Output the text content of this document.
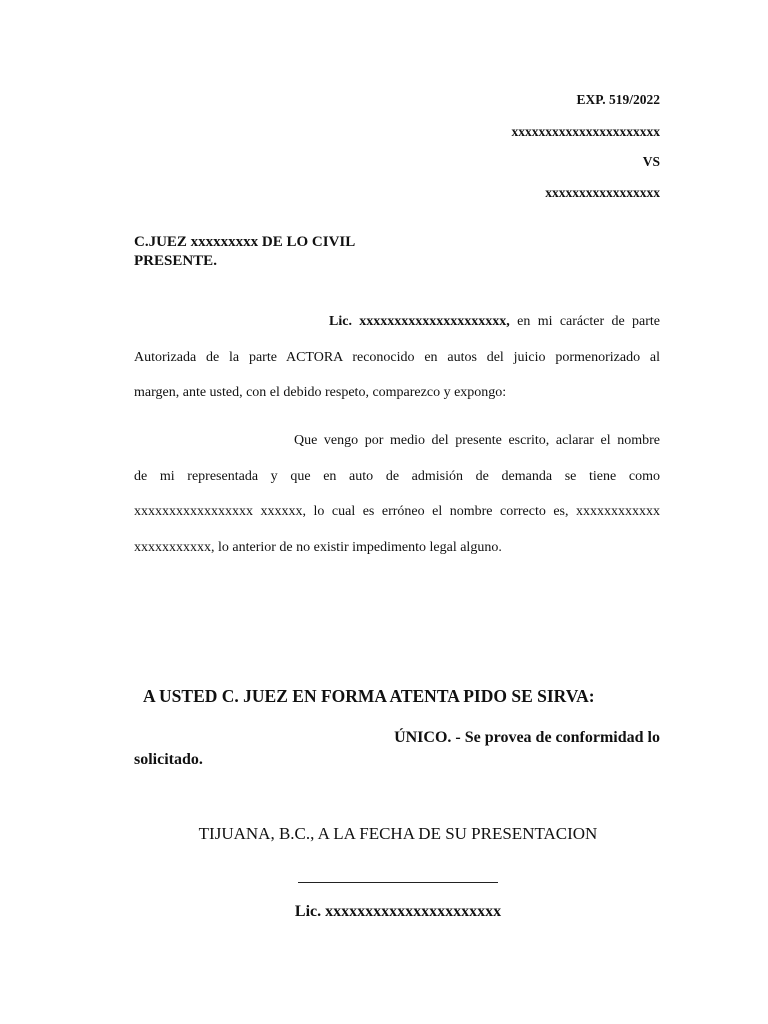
EXP. 519/2022

xxxxxxxxxxxxxxxxxxxxxx

VS

xxxxxxxxxxxxxxxxx

C.JUEZ xxxxxxxxx DE LO CIVIL
PRESENTE.
Lic. xxxxxxxxxxxxxxxxxxxxx, en mi carácter de parte
Autorizada de la parte ACTORA reconocido en autos del juicio pormenorizado al
margen, ante usted, con el debido respeto, comparezco y expongo:
Que vengo por medio del presente escrito, aclarar el nombre
de mi representada y que en auto de admisión de demanda se tiene como
xxxxxxxxxxxxxxxxx xxxxxx, lo cual es erróneo el nombre correcto es, xxxxxxxxxxxx
xxxxxxxxxxx, lo anterior de no existir impedimento legal alguno.

A USTED C. JUEZ EN FORMA ATENTA PIDO SE SIRVA:

ÚNICO. - Se provea de conformidad lo
solicitado.

TIJUANA, B.C., A LA FECHA DE SU PRESENTACION

Lic. xxxxxxxxxxxxxxxxxxxxxx
